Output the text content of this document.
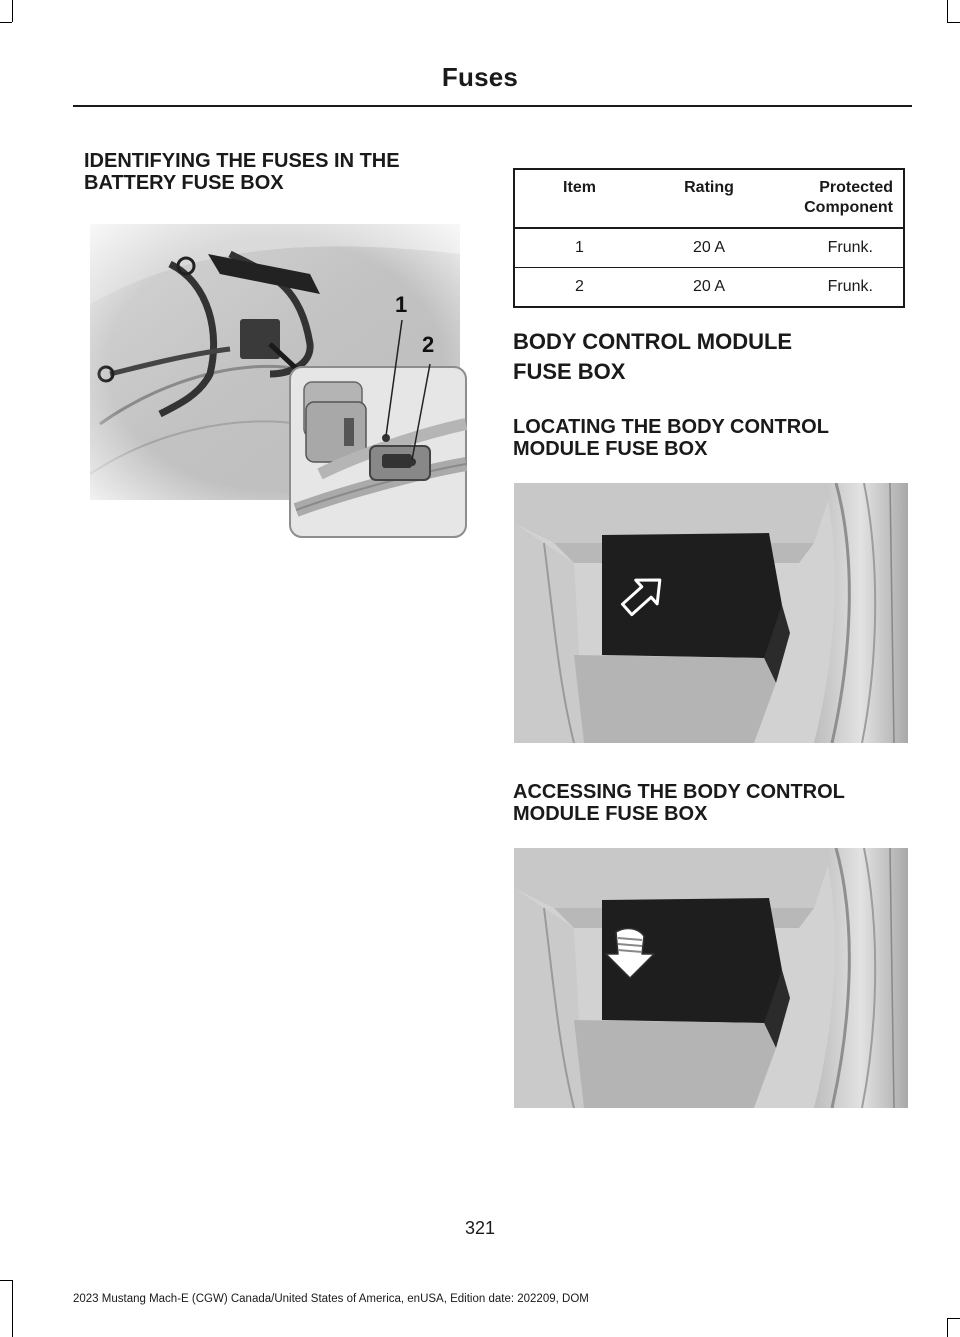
Fuses
IDENTIFYING THE FUSES IN THE
BATTERY FUSE BOX
1
2
Item	Rating	Protected
Component

1	20 A	Frunk.
2	20 A	Frunk.
BODY CONTROL MODULE
FUSE BOX
LOCATING THE BODY CONTROL
MODULE FUSE BOX
ACCESSING THE BODY CONTROL
MODULE FUSE BOX
321
2023 Mustang Mach-E (CGW) Canada/United States of America, enUSA, Edition date: 202209, DOM
